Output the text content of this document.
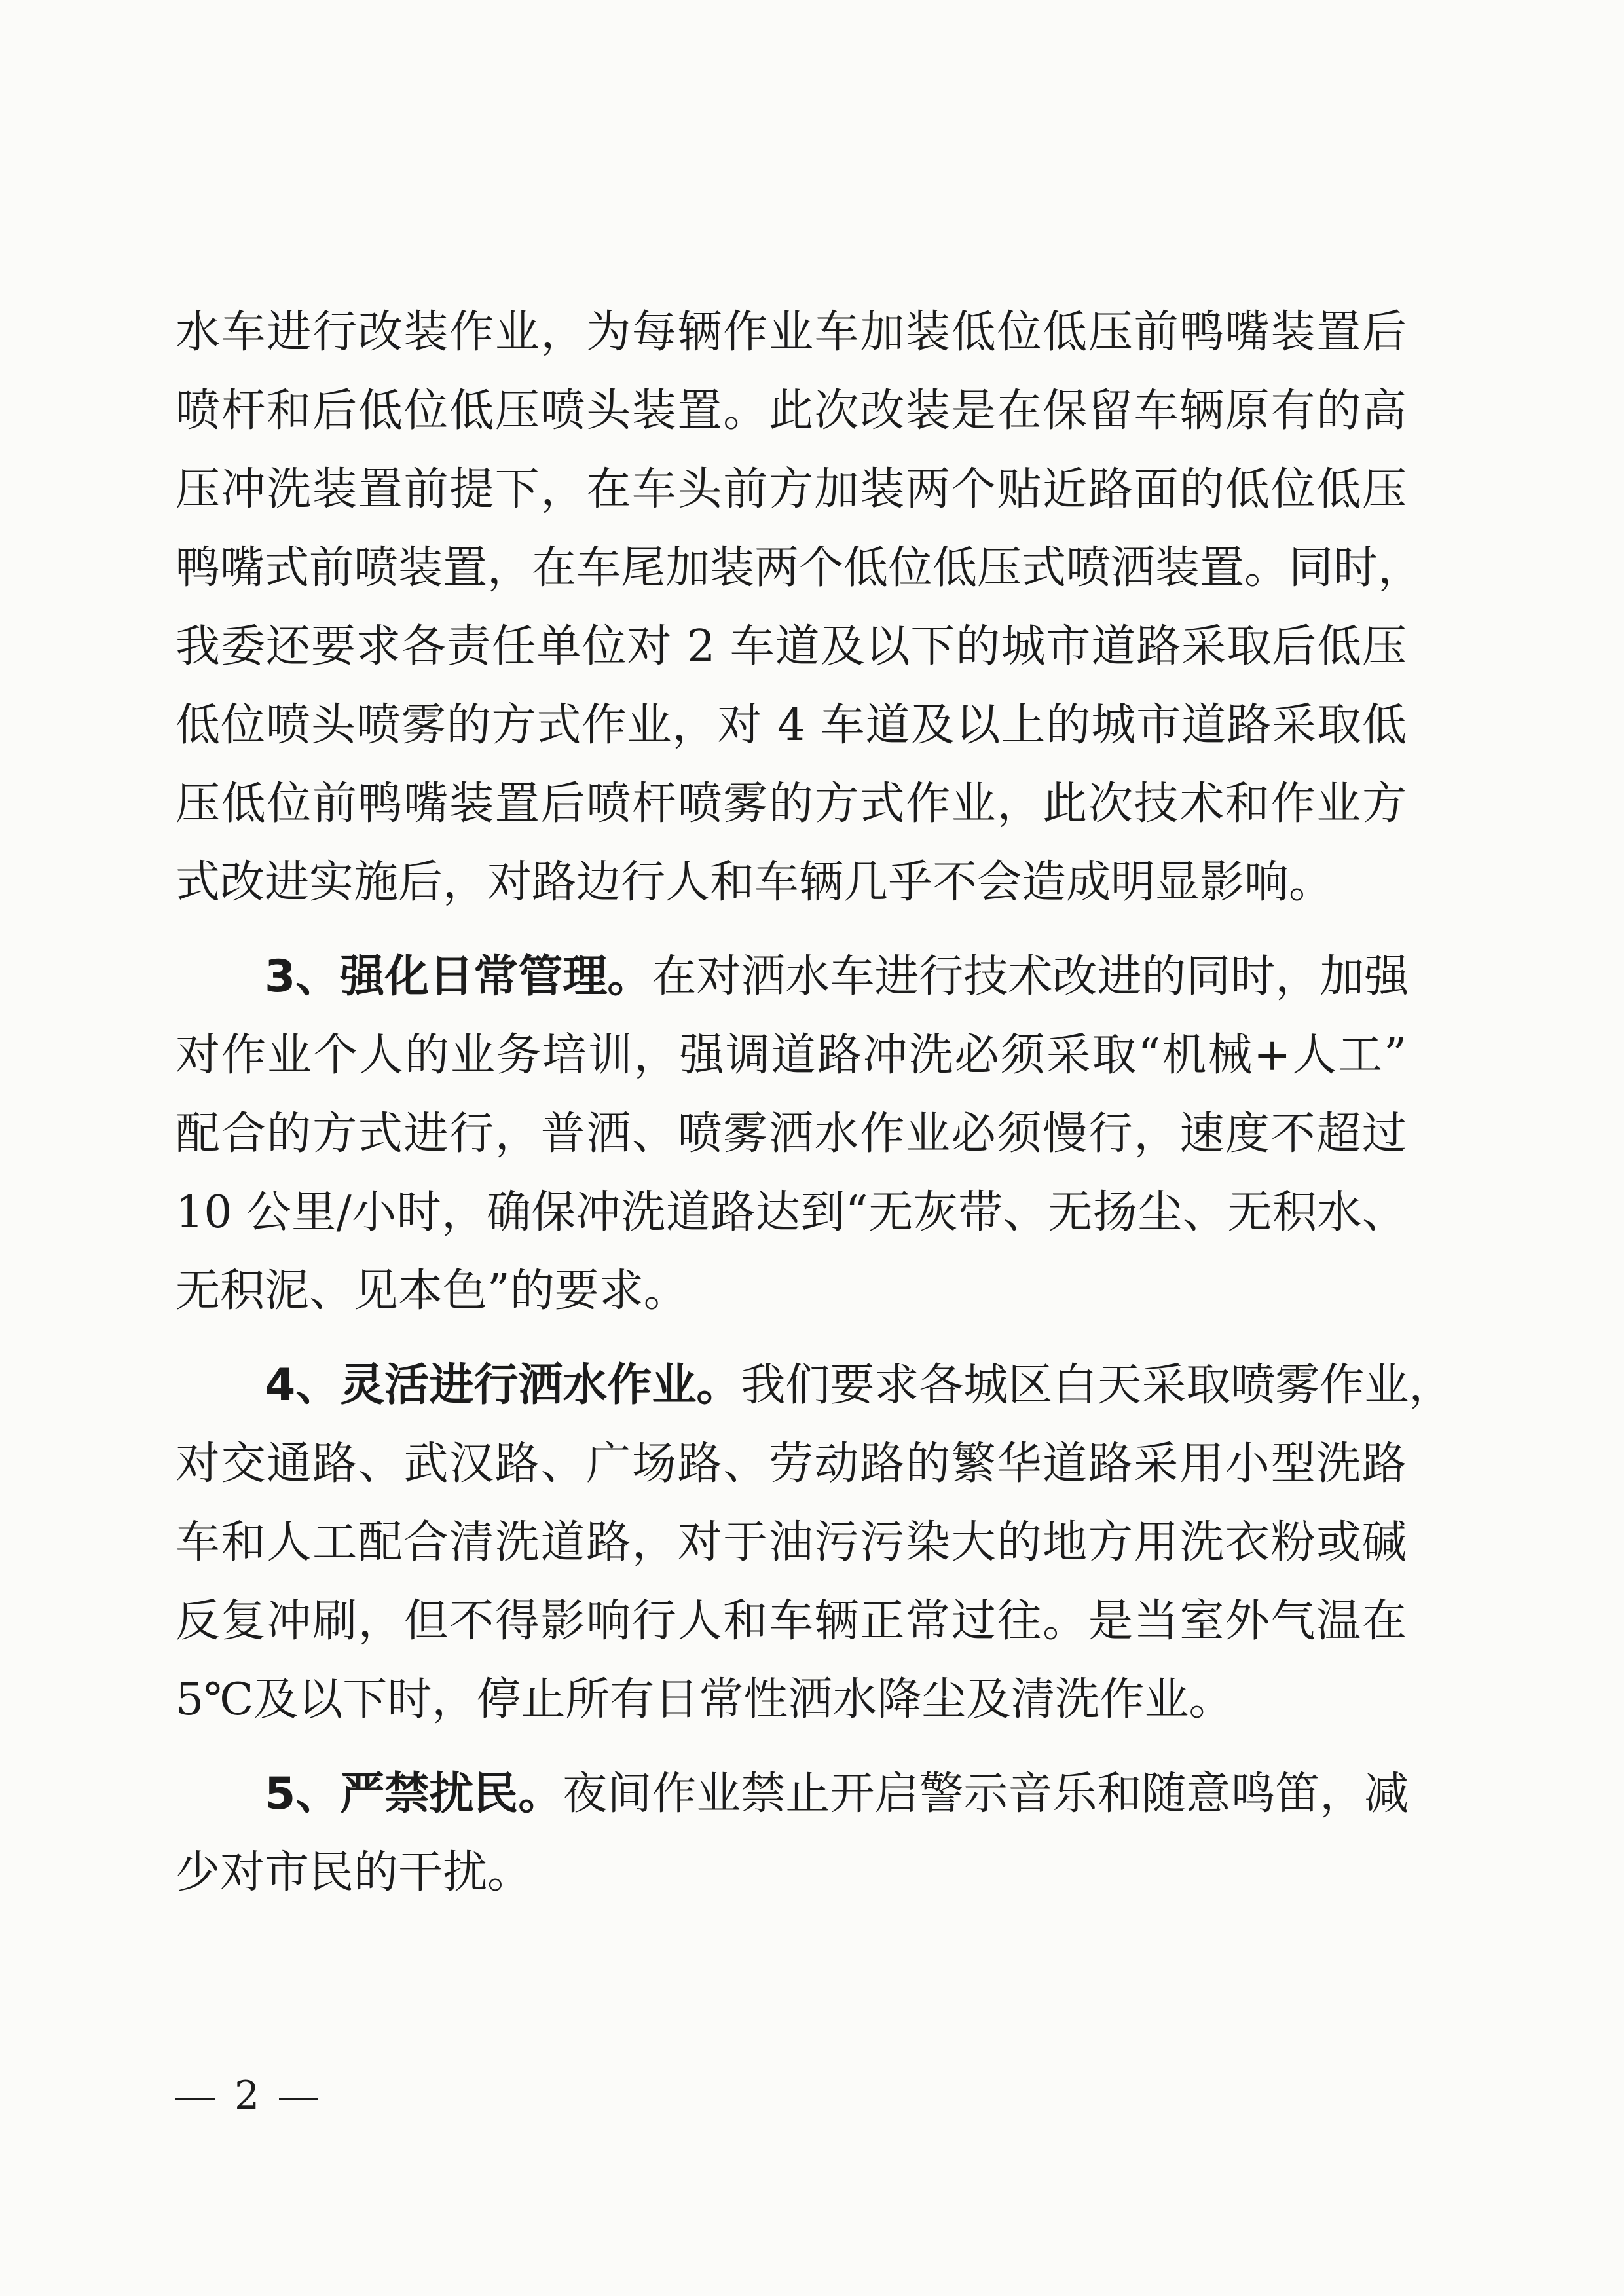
水车进行改装作业，为每辆作业车加装低位低压前鸭嘴装置后
喷杆和后低位低压喷头装置。此次改装是在保留车辆原有的高
压冲洗装置前提下，在车头前方加装两个贴近路面的低位低压
鸭嘴式前喷装置，在车尾加装两个低位低压式喷洒装置。同时，
我委还要求各责任单位对 2 车道及以下的城市道路采取后低压
低位喷头喷雾的方式作业，对 4 车道及以上的城市道路采取低
压低位前鸭嘴装置后喷杆喷雾的方式作业，此次技术和作业方
式改进实施后，对路边行人和车辆几乎不会造成明显影响。
3、强化日常管理。在对洒水车进行技术改进的同时，加强
对作业个人的业务培训，强调道路冲洗必须采取“机械+人工”
配合的方式进行，普洒、喷雾洒水作业必须慢行，速度不超过
10 公里/小时，确保冲洗道路达到“无灰带、无扬尘、无积水、
无积泥、见本色”的要求。
4、灵活进行洒水作业。我们要求各城区白天采取喷雾作业，
对交通路、武汉路、广场路、劳动路的繁华道路采用小型洗路
车和人工配合清洗道路，对于油污污染大的地方用洗衣粉或碱
反复冲刷，但不得影响行人和车辆正常过往。是当室外气温在
5℃及以下时，停止所有日常性洒水降尘及清洗作业。
5、严禁扰民。夜间作业禁止开启警示音乐和随意鸣笛，减
少对市民的干扰。
2
